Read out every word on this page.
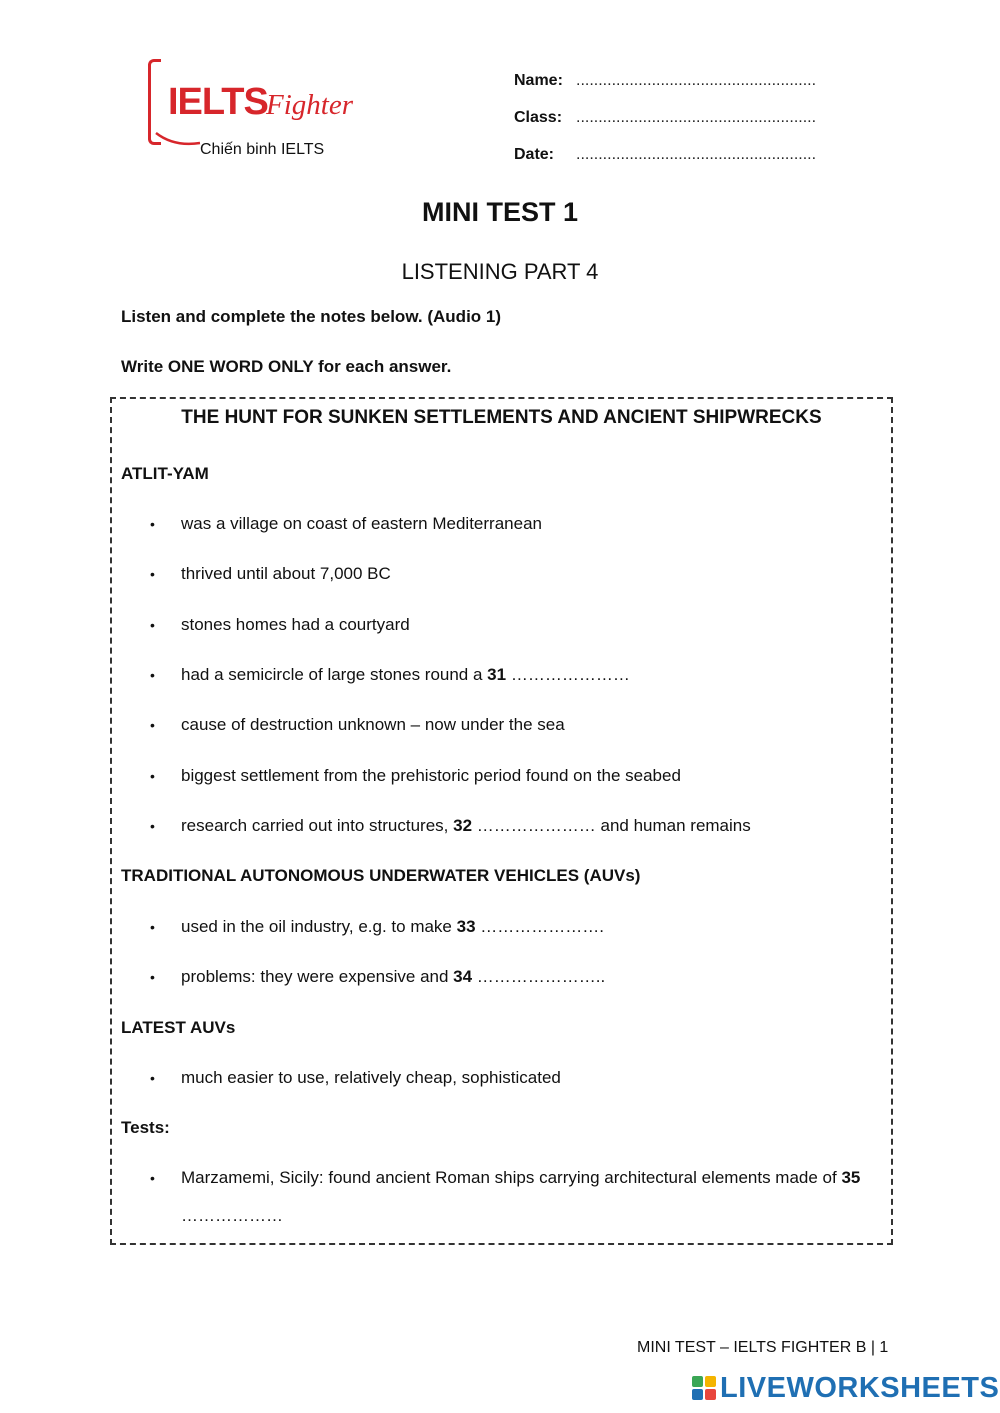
IELTS
Fighter
Chiến binh IELTS
Name: ......................................................
Class: ......................................................
Date:	......................................................
MINI TEST 1
LISTENING PART 4
Listen and complete the notes below. (Audio 1)
Write ONE WORD ONLY for each answer.
THE HUNT FOR SUNKEN SETTLEMENTS AND ANCIENT SHIPWRECKS
ATLIT-YAM
• was a village on coast of eastern Mediterranean
• thrived until about 7,000 BC
• stones homes had a courtyard
• had a semicircle of large stones round a 31 …………………
• cause of destruction unknown – now under the sea
• biggest settlement from the prehistoric period found on the seabed
• research carried out into structures, 32 ………………… and human remains
TRADITIONAL AUTONOMOUS UNDERWATER VEHICLES (AUVs)
• used in the oil industry, e.g. to make 33 ………………….
• problems: they were expensive and 34 …………………..
LATEST AUVs
• much easier to use, relatively cheap, sophisticated
Tests:
• Marzamemi, Sicily: found ancient Roman ships carrying architectural elements made of 35 ………………
MINI TEST – IELTS FIGHTER B | 1
LIVEWORKSHEETS
